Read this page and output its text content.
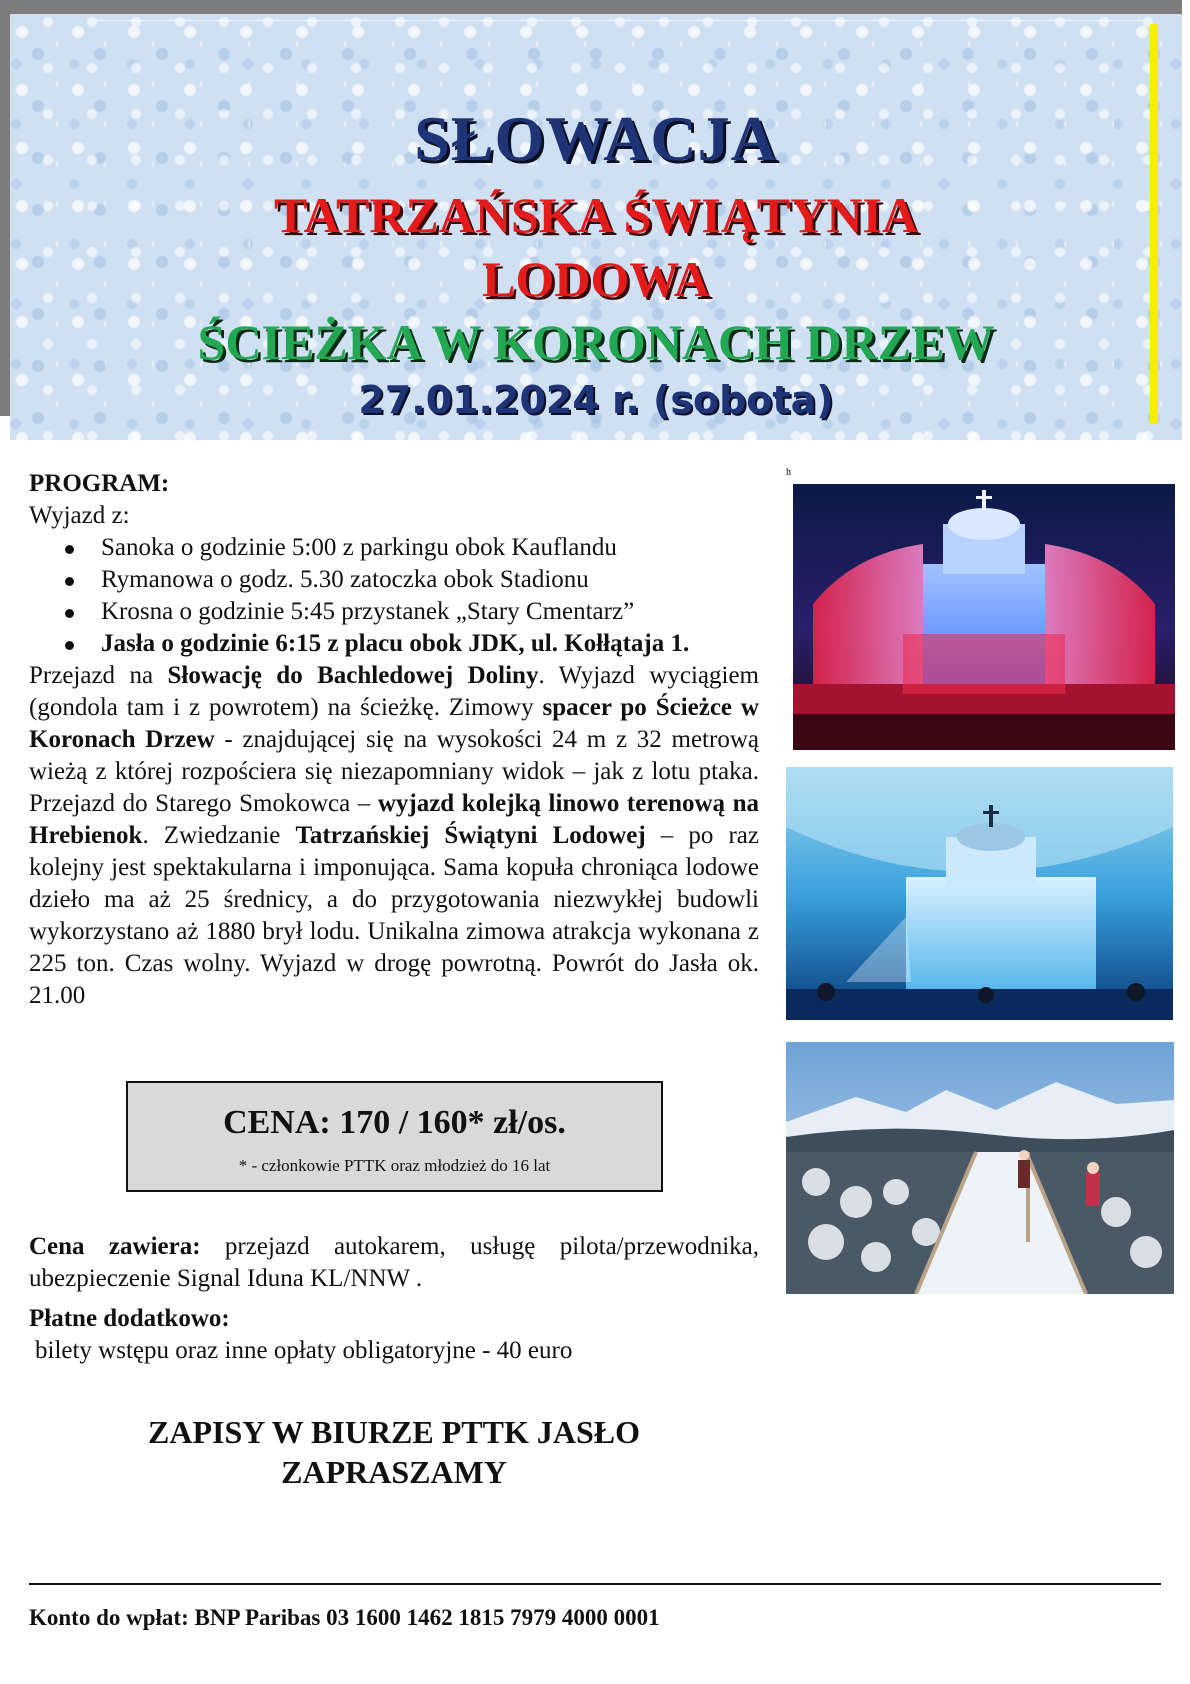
SŁOWACJA
TATRZAŃSKA ŚWIĄTYNIA
LODOWA
ŚCIEŻKA W KORONACH DRZEW
27.01.2024 r. (sobota)
PROGRAM:
Wyjazd z:
Sanoka o godzinie 5:00 z parkingu obok Kauflandu
Rymanowa o godz. 5.30 zatoczka obok Stadionu
Krosna o godzinie 5:45 przystanek „Stary Cmentarz”
Jasła o godzinie 6:15 z placu obok JDK, ul. Kołłątaja 1.

Przejazd na Słowację do Bachledowej Doliny. Wyjazd wyciągiem (gondola tam i z powrotem) na ścieżkę. Zimowy spacer po Ścieżce w Koronach Drzew - znajdującej się na wysokości 24 m z 32 metrową wieżą z której rozpościera się niezapomniany widok – jak z lotu ptaka. Przejazd do Starego Smokowca – wyjazd kolejką linowo terenową na Hrebienok. Zwiedzanie Tatrzańskiej Świątyni Lodowej – po raz kolejny jest spektakularna i imponująca. Sama kopuła chroniąca lodowe dzieło ma aż 25 średnicy, a do przygotowania niezwykłej budowli wykorzystano aż 1880 brył lodu. Unikalna zimowa atrakcja wykonana z 225 ton. Czas wolny. Wyjazd w drogę powrotną. Powrót do Jasła ok. 21.00

CENA: 170 / 160* zł/os.
* - członkowie PTTK oraz młodzież do 16 lat
Cena zawiera: przejazd autokarem, usługę pilota/przewodnika, ubezpieczenie Signal Iduna KL/NNW .
Płatne dodatkowo:
bilety wstępu oraz inne opłaty obligatoryjne - 40 euro
ZAPISY W BIURZE PTTK JASŁO
ZAPRASZAMY
Konto do wpłat: BNP Paribas 03 1600 1462 1815 7979 4000 0001
h
